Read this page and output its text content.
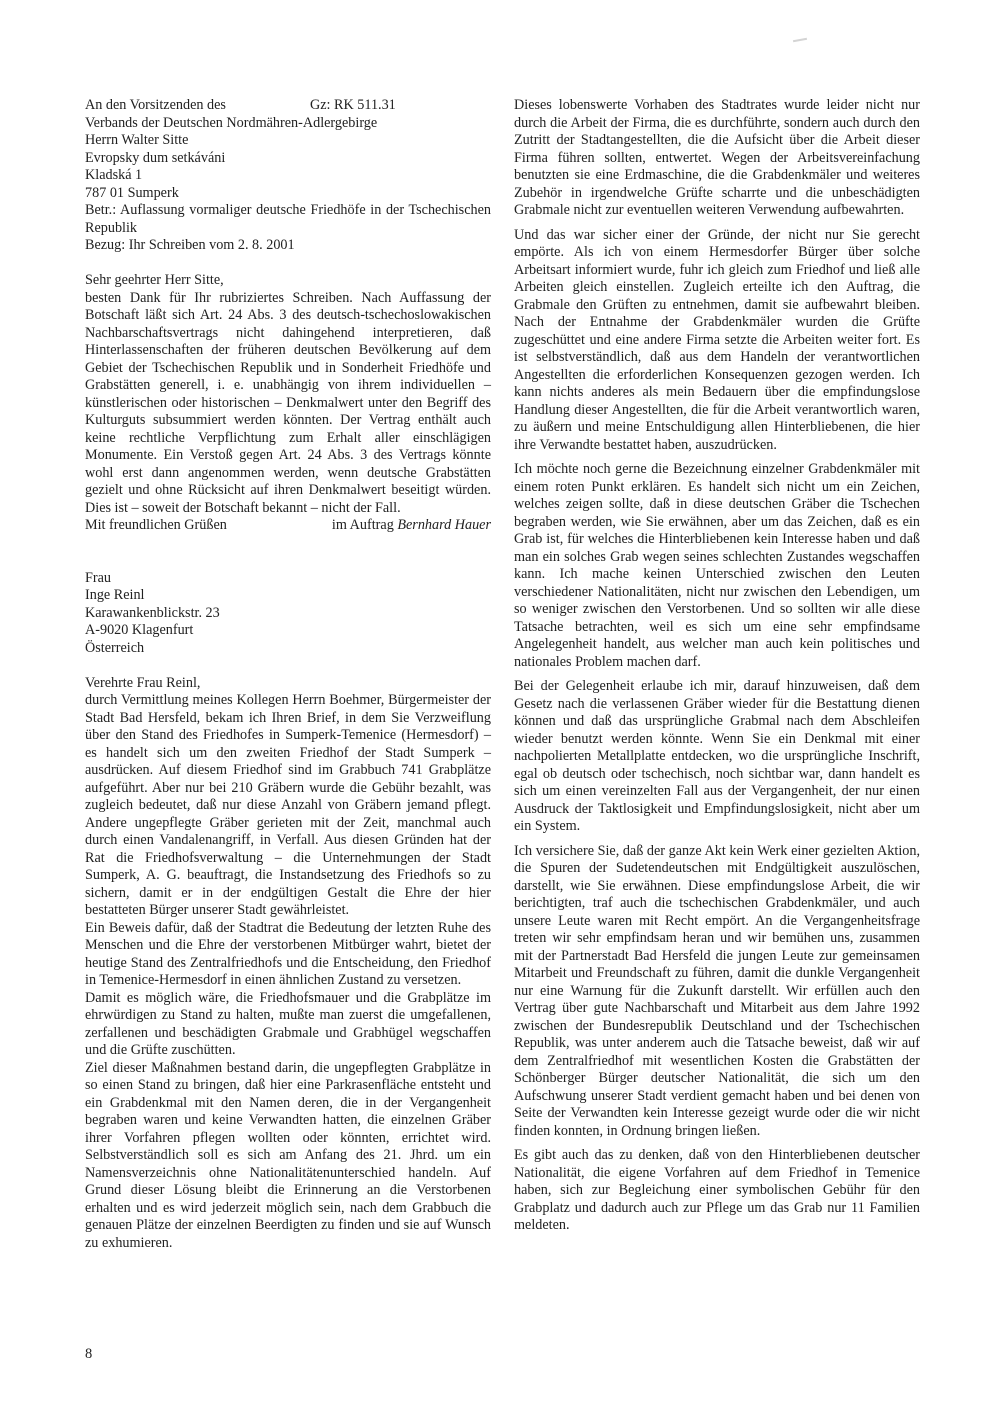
An den Vorsitzenden des	Gz: RK 511.31
Verbands der Deutschen Nordmähren-Adlergebirge
Herrn Walter Sitte
Evropsky dum setkáváni
Kladská 1
787 01 Sumperk

Betr.: Auflassung vormaliger deutsche Friedhöfe in der Tschechischen Republik

Bezug: Ihr Schreiben vom 2. 8. 2001

Sehr geehrter Herr Sitte,

besten Dank für Ihr rubriziertes Schreiben. Nach Auffassung der Botschaft läßt sich Art. 24 Abs. 3 des deutsch-tschechoslowakischen Nachbarschaftsvertrags nicht dahingehend interpretieren, daß Hinterlassenschaften der früheren deutschen Bevölkerung auf dem Gebiet der Tschechischen Republik und in Sonderheit Friedhöfe und Grabstätten generell, i. e. unabhängig von ihrem individuellen – künstlerischen oder historischen – Denkmalwert unter den Begriff des Kulturguts subsummiert werden könnten. Der Vertrag enthält auch keine rechtliche Verpflichtung zum Erhalt aller einschlägigen Monumente. Ein Verstoß gegen Art. 24 Abs. 3 des Vertrags könnte wohl erst dann angenommen werden, wenn deutsche Grabstätten gezielt und ohne Rücksicht auf ihren Denkmalwert beseitigt würden. Dies ist – soweit der Botschaft bekannt – nicht der Fall.

Mit freundlichen Grüßen	im Auftrag Bernhard Hauer
Frau
Inge Reinl
Karawankenblickstr. 23
A-9020 Klagenfurt
Österreich

Verehrte Frau Reinl,

durch Vermittlung meines Kollegen Herrn Boehmer, Bürgermeister der Stadt Bad Hersfeld, bekam ich Ihren Brief, in dem Sie Verzweiflung über den Stand des Friedhofes in Sumperk-Temenice (Hermesdorf) – es handelt sich um den zweiten Friedhof der Stadt Sumperk – ausdrücken. Auf diesem Friedhof sind im Grabbuch 741 Grabplätze aufgeführt. Aber nur bei 210 Gräbern wurde die Gebühr bezahlt, was zugleich bedeutet, daß nur diese Anzahl von Gräbern jemand pflegt. Andere ungepflegte Gräber gerieten mit der Zeit, manchmal auch durch einen Vandalenangriff, in Verfall. Aus diesen Gründen hat der Rat die Friedhofsverwaltung – die Unternehmungen der Stadt Sumperk, A. G. beauftragt, die Instandsetzung des Friedhofs so zu sichern, damit er in der endgültigen Gestalt die Ehre der hier bestatteten Bürger unserer Stadt gewährleistet.

Ein Beweis dafür, daß der Stadtrat die Bedeutung der letzten Ruhe des Menschen und die Ehre der verstorbenen Mitbürger wahrt, bietet der heutige Stand des Zentralfriedhofs und die Entscheidung, den Friedhof in Temenice-Hermesdorf in einen ähnlichen Zustand zu versetzen.

Damit es möglich wäre, die Friedhofsmauer und die Grabplätze im ehrwürdigen zu Stand zu halten, mußte man zuerst die umgefallenen, zerfallenen und beschädigten Grabmale und Grabhügel wegschaffen und die Grüfte zuschütten.

Ziel dieser Maßnahmen bestand darin, die ungepflegten Grabplätze in so einen Stand zu bringen, daß hier eine Parkrasenfläche entsteht und ein Grabdenkmal mit den Namen deren, die in der Vergangenheit begraben waren und keine Verwandten hatten, die einzelnen Gräber ihrer Vorfahren pflegen wollten oder könnten, errichtet wird. Selbstverständlich soll es sich am Anfang des 21. Jhrd. um ein Namensverzeichnis ohne Nationalitätenunterschied handeln. Auf Grund dieser Lösung bleibt die Erinnerung an die Verstorbenen erhalten und es wird jederzeit möglich sein, nach dem Grabbuch die genauen Plätze der einzelnen Beerdigten zu finden und sie auf Wunsch zu exhumieren.

Dieses lobenswerte Vorhaben des Stadtrates wurde leider nicht nur durch die Arbeit der Firma, die es durchführte, sondern auch durch den Zutritt der Stadtangestellten, die die Aufsicht über die Arbeit dieser Firma führen sollten, entwertet. Wegen der Arbeitsvereinfachung benutzten sie eine Erdmaschine, die die Grabdenkmäler und weiteres Zubehör in irgendwelche Grüfte scharrte und die unbeschädigten Grabmale nicht zur eventuellen weiteren Verwendung aufbewahrten.

Und das war sicher einer der Gründe, der nicht nur Sie gerecht empörte. Als ich von einem Hermesdorfer Bürger über solche Arbeitsart informiert wurde, fuhr ich gleich zum Friedhof und ließ alle Arbeiten gleich einstellen. Zugleich erteilte ich den Auftrag, die Grabmale den Grüften zu entnehmen, damit sie aufbewahrt bleiben. Nach der Entnahme der Grabdenkmäler wurden die Grüfte zugeschüttet und eine andere Firma setzte die Arbeiten weiter fort. Es ist selbstverständlich, daß aus dem Handeln der verantwortlichen Angestellten die erforderlichen Konsequenzen gezogen werden. Ich kann nichts anderes als mein Bedauern über die empfindungslose Handlung dieser Angestellten, die für die Arbeit verantwortlich waren, zu äußern und meine Entschuldigung allen Hinterbliebenen, die hier ihre Verwandte bestattet haben, auszudrücken.

Ich möchte noch gerne die Bezeichnung einzelner Grabdenkmäler mit einem roten Punkt erklären. Es handelt sich nicht um ein Zeichen, welches zeigen sollte, daß in diese deutschen Gräber die Tschechen begraben werden, wie Sie erwähnen, aber um das Zeichen, daß es ein Grab ist, für welches die Hinterbliebenen kein Interesse haben und daß man ein solches Grab wegen seines schlechten Zustandes wegschaffen kann. Ich mache keinen Unterschied zwischen den Leuten verschiedener Nationalitäten, nicht nur zwischen den Lebendigen, um so weniger zwischen den Verstorbenen. Und so sollten wir alle diese Tatsache betrachten, weil es sich um eine sehr empfindsame Angelegenheit handelt, aus welcher man auch kein politisches und nationales Problem machen darf.

Bei der Gelegenheit erlaube ich mir, darauf hinzuweisen, daß dem Gesetz nach die verlassenen Gräber wieder für die Bestattung dienen können und daß das ursprüngliche Grabmal nach dem Abschleifen wieder benutzt werden könnte. Wenn Sie ein Denkmal mit einer nachpolierten Metallplatte entdecken, wo die ursprüngliche Inschrift, egal ob deutsch oder tschechisch, noch sichtbar war, dann handelt es sich um einen vereinzelten Fall aus der Vergangenheit, der nur einen Ausdruck der Taktlosigkeit und Empfindungslosigkeit, nicht aber um ein System.

Ich versichere Sie, daß der ganze Akt kein Werk einer gezielten Aktion, die Spuren der Sudetendeutschen mit Endgültigkeit auszulöschen, darstellt, wie Sie erwähnen. Diese empfindungslose Arbeit, die wir berichtigten, traf auch die tschechischen Grabdenkmäler, und auch unsere Leute waren mit Recht empört. An die Vergangenheitsfrage treten wir sehr empfindsam heran und wir bemühen uns, zusammen mit der Partnerstadt Bad Hersfeld die jungen Leute zur gemeinsamen Mitarbeit und Freundschaft zu führen, damit die dunkle Vergangenheit nur eine Warnung für die Zukunft darstellt. Wir erfüllen auch den Vertrag über gute Nachbarschaft und Mitarbeit aus dem Jahre 1992 zwischen der Bundesrepublik Deutschland und der Tschechischen Republik, was unter anderem auch die Tatsache beweist, daß wir auf dem Zentralfriedhof mit wesentlichen Kosten die Grabstätten der Schönberger Bürger deutscher Nationalität, die sich um den Aufschwung unserer Stadt verdient gemacht haben und bei denen von Seite der Verwandten kein Interesse gezeigt wurde oder die wir nicht finden konnten, in Ordnung bringen ließen.

Es gibt auch das zu denken, daß von den Hinterbliebenen deutscher Nationalität, die eigene Vorfahren auf dem Friedhof in Temenice haben, sich zur Begleichung einer symbolischen Gebühr für den Grabplatz und dadurch auch zur Pflege um das Grab nur 11 Familien meldeten.

8
